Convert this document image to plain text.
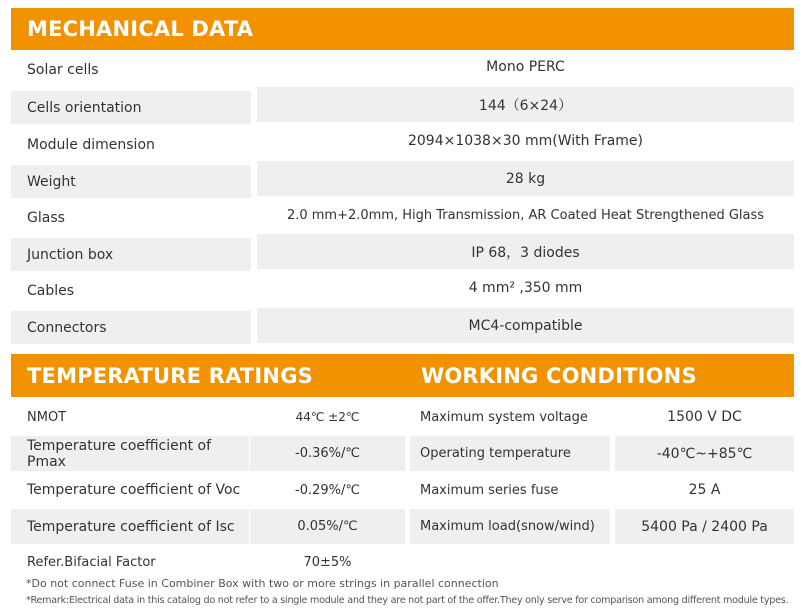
MECHANICAL DATA
Solar cells	Mono PERC
Cells orientation	144（6×24）
Module dimension	2094×1038×30 mm(With Frame)
Weight	28 kg
Glass	2.0 mm+2.0mm, High Transmission, AR Coated Heat Strengthened Glass
Junction box	IP 68，3 diodes
Cables	4 mm² ,350 mm
Connectors	MC4-compatible
TEMPERATURE RATINGS	WORKING CONDITIONS
NMOT	44℃ ±2℃
Temperature coefficient of Pmax	-0.36%/℃
Temperature coefficient of Voc	-0.29%/℃
Temperature coefficient of Isc	0.05%/℃
Refer.Bifacial Factor	70±5%
Maximum system voltage	1500 V DC
Operating temperature	-40℃~+85℃
Maximum series fuse	25 A
Maximum load(snow/wind)	5400 Pa / 2400 Pa
*Do not connect Fuse in Combiner Box with two or more strings in parallel connection
*Remark:Electrical data in this catalog do not refer to a single module and they are not part of the offer.They only serve for comparison among different module types.
